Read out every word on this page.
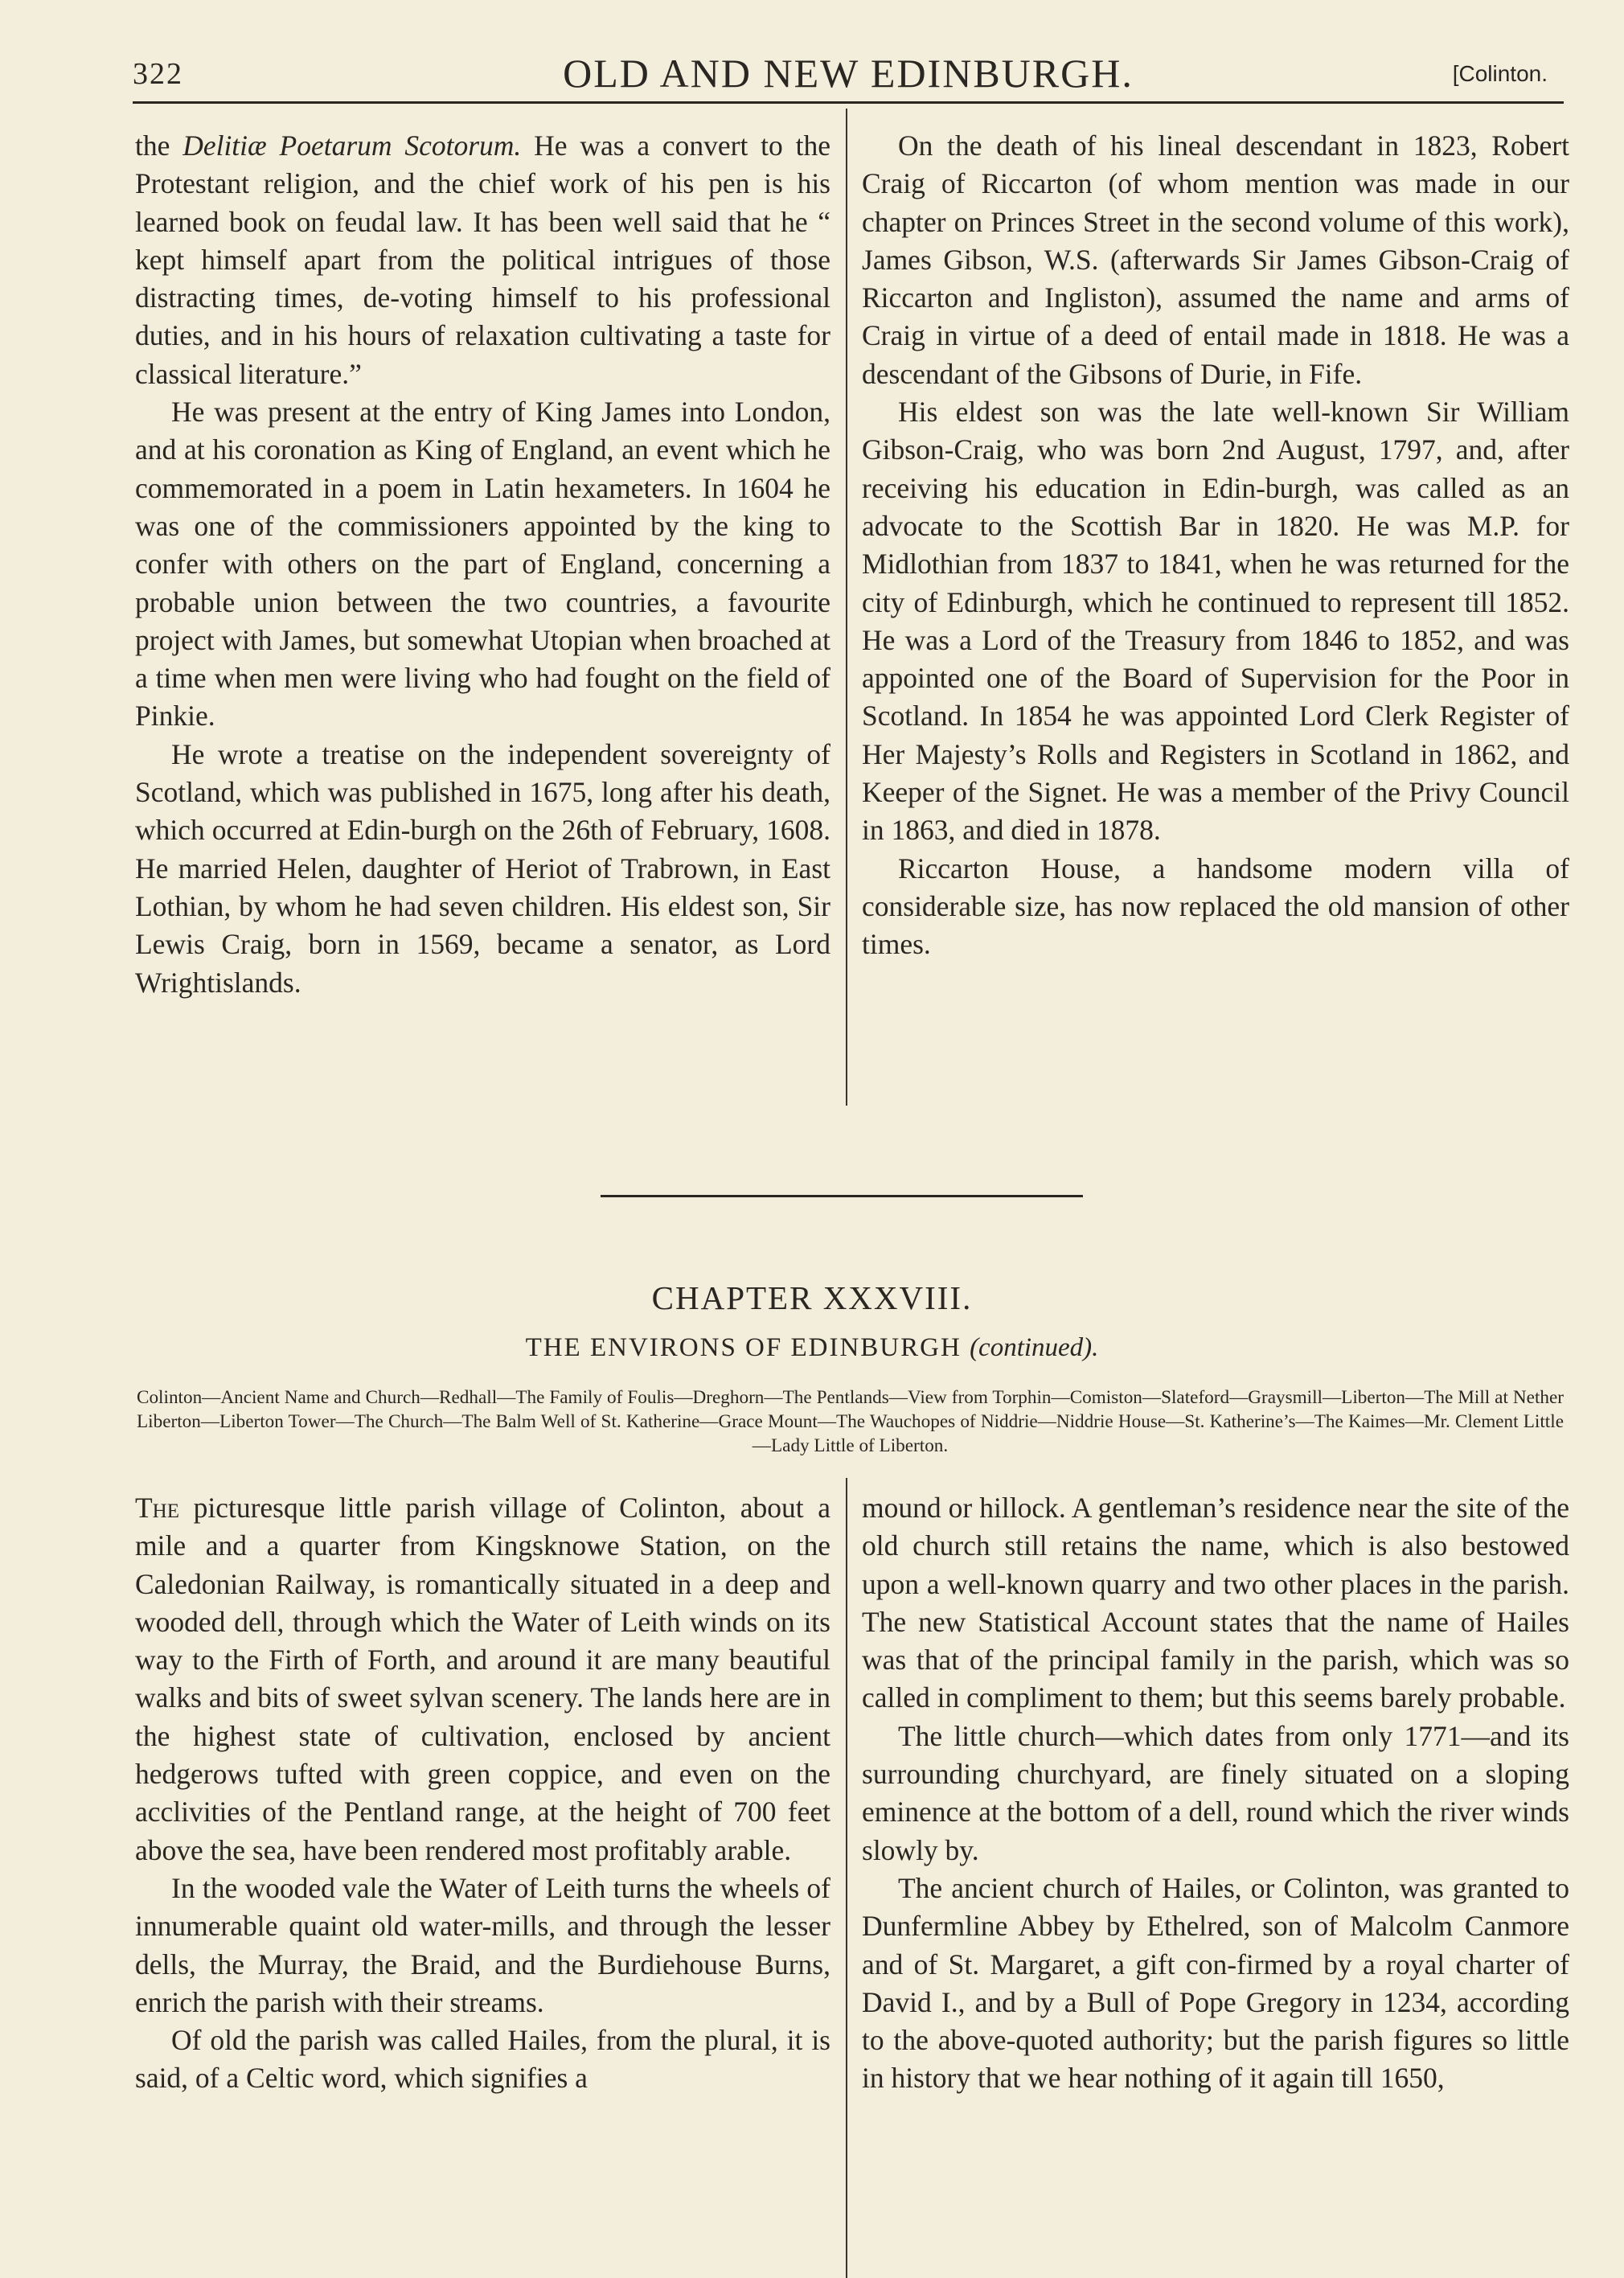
322	OLD AND NEW EDINBURGH.	[Colinton.

the Delitiæ Poetarum Scotorum. He was a convert to the Protestant religion, and the chief work of his pen is his learned book on feudal law. It has been well said that he “ kept himself apart from the political intrigues of those distracting times, de-voting himself to his professional duties, and in his hours of relaxation cultivating a taste for classical literature.”

He was present at the entry of King James into London, and at his coronation as King of England, an event which he commemorated in a poem in Latin hexameters. In 1604 he was one of the commissioners appointed by the king to confer with others on the part of England, concerning a probable union between the two countries, a favourite project with James, but somewhat Utopian when broached at a time when men were living who had fought on the field of Pinkie.

He wrote a treatise on the independent sovereignty of Scotland, which was published in 1675, long after his death, which occurred at Edin-burgh on the 26th of February, 1608. He married Helen, daughter of Heriot of Trabrown, in East Lothian, by whom he had seven children. His eldest son, Sir Lewis Craig, born in 1569, became a senator, as Lord Wrightislands.

On the death of his lineal descendant in 1823, Robert Craig of Riccarton (of whom mention was made in our chapter on Princes Street in the second volume of this work), James Gibson, W.S. (afterwards Sir James Gibson-Craig of Riccarton and Ingliston), assumed the name and arms of Craig in virtue of a deed of entail made in 1818. He was a descendant of the Gibsons of Durie, in Fife.

His eldest son was the late well-known Sir William Gibson-Craig, who was born 2nd August, 1797, and, after receiving his education in Edin-burgh, was called as an advocate to the Scottish Bar in 1820. He was M.P. for Midlothian from 1837 to 1841, when he was returned for the city of Edinburgh, which he continued to represent till 1852. He was a Lord of the Treasury from 1846 to 1852, and was appointed one of the Board of Supervision for the Poor in Scotland. In 1854 he was appointed Lord Clerk Register of Her Majesty’s Rolls and Registers in Scotland in 1862, and Keeper of the Signet. He was a member of the Privy Council in 1863, and died in 1878.

Riccarton House, a handsome modern villa of considerable size, has now replaced the old mansion of other times.

CHAPTER XXXVIII.
THE ENVIRONS OF EDINBURGH (continued).
Colinton—Ancient Name and Church—Redhall—The Family of Foulis—Dreghorn—The Pentlands—View from Torphin—Comiston—Slateford—Graysmill—Liberton—The Mill at Nether Liberton—Liberton Tower—The Church—The Balm Well of St. Katherine—Grace Mount—The Wauchopes of Niddrie—Niddrie House—St. Katherine’s—The Kaimes—Mr. Clement Little—Lady Little of Liberton.

The picturesque little parish village of Colinton, about a mile and a quarter from Kingsknowe Station, on the Caledonian Railway, is romantically situated in a deep and wooded dell, through which the Water of Leith winds on its way to the Firth of Forth, and around it are many beautiful walks and bits of sweet sylvan scenery. The lands here are in the highest state of cultivation, enclosed by ancient hedgerows tufted with green coppice, and even on the acclivities of the Pentland range, at the height of 700 feet above the sea, have been rendered most profitably arable.

In the wooded vale the Water of Leith turns the wheels of innumerable quaint old water-mills, and through the lesser dells, the Murray, the Braid, and the Burdiehouse Burns, enrich the parish with their streams.

Of old the parish was called Hailes, from the plural, it is said, of a Celtic word, which signifies a

mound or hillock. A gentleman’s residence near the site of the old church still retains the name, which is also bestowed upon a well-known quarry and two other places in the parish. The new Statistical Account states that the name of Hailes was that of the principal family in the parish, which was so called in compliment to them; but this seems barely probable.

The little church—which dates from only 1771—and its surrounding churchyard, are finely situated on a sloping eminence at the bottom of a dell, round which the river winds slowly by.

The ancient church of Hailes, or Colinton, was granted to Dunfermline Abbey by Ethelred, son of Malcolm Canmore and of St. Margaret, a gift con-firmed by a royal charter of David I., and by a Bull of Pope Gregory in 1234, according to the above-quoted authority; but the parish figures so little in history that we hear nothing of it again till 1650,
